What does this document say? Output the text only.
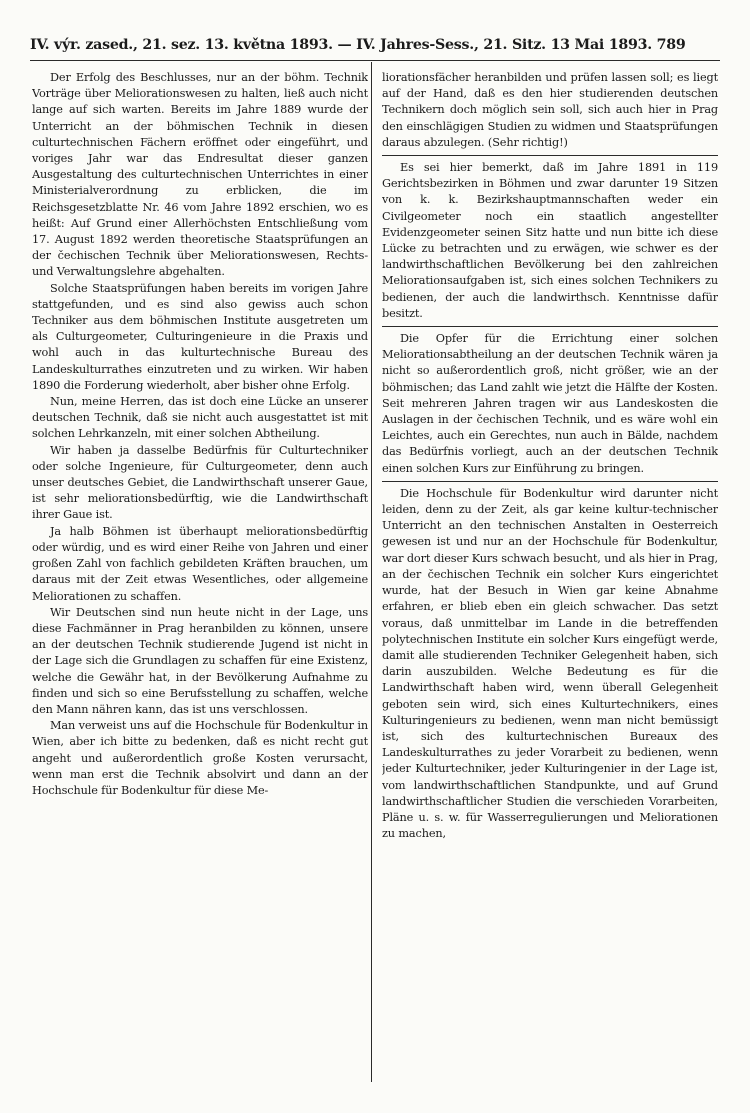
IV. výr. zased., 21. sez. 13. května 1893. — IV. Jahres-Sess., 21. Sitz. 13 Mai 1893. 789

Der Erfolg des Beschlusses, nur an der böhm. Technik Vorträge über Meliorationswesen zu halten, ließ auch nicht lange auf sich warten. Bereits im Jahre 1889 wurde der Unterricht an der böhmischen Technik in diesen culturtechnischen Fächern eröffnet oder eingeführt, und voriges Jahr war das Endresultat dieser ganzen Ausgestaltung des culturtechnischen Unterrichtes in einer Ministerialverordnung zu erblicken, die im Reichsgesetzblatte Nr. 46 vom Jahre 1892 erschien, wo es heißt: Auf Grund einer Allerhöchsten Entschließung vom 17. August 1892 werden theoretische Staatsprüfungen an der čechischen Technik über Meliorationswesen, Rechts- und Verwaltungslehre abgehalten.

Solche Staatsprüfungen haben bereits im vorigen Jahre stattgefunden, und es sind also gewiss auch schon Techniker aus dem böhmischen Institute ausgetreten um als Culturgeometer, Culturingenieure in die Praxis und wohl auch in das kulturtechnische Bureau des Landeskulturrathes einzutreten und zu wirken. Wir haben 1890 die Forderung wiederholt, aber bisher ohne Erfolg.

Nun, meine Herren, das ist doch eine Lücke an unserer deutschen Technik, daß sie nicht auch ausgestattet ist mit solchen Lehrkanzeln, mit einer solchen Abtheilung.

Wir haben ja dasselbe Bedürfnis für Culturtechniker oder solche Ingenieure, für Culturgeometer, denn auch unser deutsches Gebiet, die Landwirthschaft unserer Gaue, ist sehr meliorationsbedürftig, wie die Landwirthschaft ihrer Gaue ist.

Ja halb Böhmen ist überhaupt meliorationsbedürftig oder würdig, und es wird einer Reihe von Jahren und einer großen Zahl von fachlich gebildeten Kräften brauchen, um daraus mit der Zeit etwas Wesentliches, oder allgemeine Meliorationen zu schaffen.

Wir Deutschen sind nun heute nicht in der Lage, uns diese Fachmänner in Prag heranbilden zu können, unsere an der deutschen Technik studierende Jugend ist nicht in der Lage sich die Grundlagen zu schaffen für eine Existenz, welche die Gewähr hat, in der Bevölkerung Aufnahme zu finden und sich so eine Berufsstellung zu schaffen, welche den Mann nähren kann, das ist uns verschlossen.

Man verweist uns auf die Hochschule für Bodenkultur in Wien, aber ich bitte zu bedenken, daß es nicht recht gut angeht und außerordentlich große Kosten verursacht, wenn man erst die Technik absolvirt und dann an der Hochschule für Bodenkultur für diese Me-

liorationsfächer heranbilden und prüfen lassen soll; es liegt auf der Hand, daß es den hier studierenden deutschen Technikern doch möglich sein soll, sich auch hier in Prag den einschlägigen Studien zu widmen und Staatsprüfungen daraus abzulegen. (Sehr richtig!)

Es sei hier bemerkt, daß im Jahre 1891 in 119 Gerichtsbezirken in Böhmen und zwar darunter 19 Sitzen von k. k. Bezirkshauptmannschaften weder ein Civilgeometer noch ein staatlich angestellter Evidenzgeometer seinen Sitz hatte und nun bitte ich diese Lücke zu betrachten und zu erwägen, wie schwer es der landwirthschaftlichen Bevölkerung bei den zahlreichen Meliorationsaufgaben ist, sich eines solchen Technikers zu bedienen, der auch die landwirthsch. Kenntnisse dafür besitzt.

Die Opfer für die Errichtung einer solchen Meliorationsabtheilung an der deutschen Technik wären ja nicht so außerordentlich groß, nicht größer, wie an der böhmischen; das Land zahlt wie jetzt die Hälfte der Kosten. Seit mehreren Jahren tragen wir aus Landeskosten die Auslagen in der čechischen Technik, und es wäre wohl ein Leichtes, auch ein Gerechtes, nun auch in Bälde, nachdem das Bedürfnis vorliegt, auch an der deutschen Technik einen solchen Kurs zur Einführung zu bringen.

Die Hochschule für Bodenkultur wird darunter nicht leiden, denn zu der Zeit, als gar keine kultur-technischer Unterricht an den technischen Anstalten in Oesterreich gewesen ist und nur an der Hochschule für Bodenkultur, war dort dieser Kurs schwach besucht, und als hier in Prag, an der čechischen Technik ein solcher Kurs eingerichtet wurde, hat der Besuch in Wien gar keine Abnahme erfahren, er blieb eben ein gleich schwacher. Das setzt voraus, daß unmittelbar im Lande in die betreffenden polytechnischen Institute ein solcher Kurs eingefügt werde, damit alle studierenden Techniker Gelegenheit haben, sich darin auszubilden. Welche Bedeutung es für die Landwirthschaft haben wird, wenn überall Gelegenheit geboten sein wird, sich eines Kulturtechnikers, eines Kulturingenieurs zu bedienen, wenn man nicht bemüssigt ist, sich des kulturtechnischen Bureaux des Landeskulturrathes zu jeder Vorarbeit zu bedienen, wenn jeder Kulturtechniker, jeder Kulturingenier in der Lage ist, vom landwirthschaftlichen Standpunkte, und auf Grund landwirthschaftlicher Studien die verschieden Vorarbeiten, Pläne u. s. w. für Wasserregulierungen und Meliorationen zu machen,
